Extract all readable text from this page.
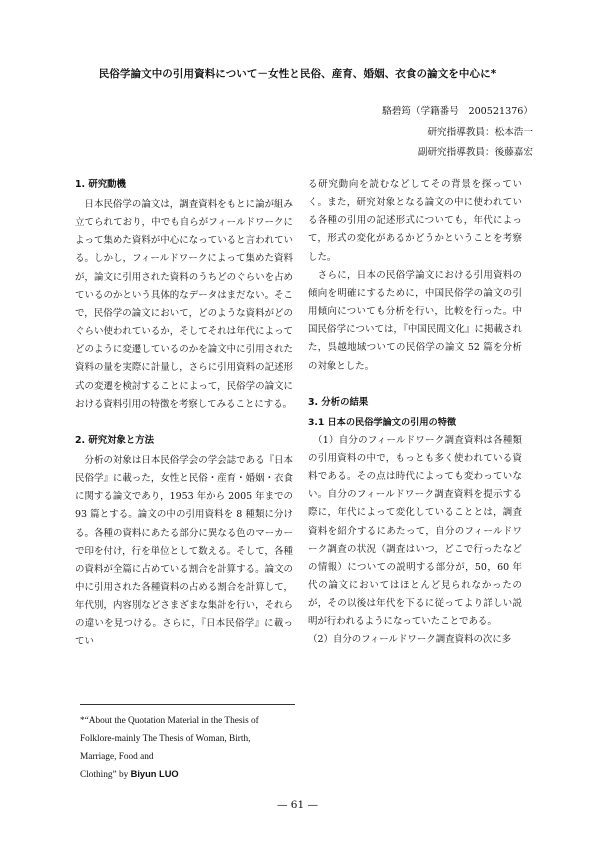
民俗学論文中の引用資料について－女性と民俗、産育、婚姻、衣食の論文を中心に*
駱碧筠（学籍番号　200521376）
研究指導教員：松本浩一
副研究指導教員：後藤嘉宏
1. 研究動機

　日本民俗学の論文は，調査資料をもとに論が組み立てられており，中でも自らがフィールドワークによって集めた資料が中心になっていると言われている。しかし，フィールドワークによって集めた資料が，論文に引用された資料のうちどのぐらいを占めているのかという具体的なデータはまだない。そこで，民俗学の論文において，どのような資料がどのぐらい使われているか，そしてそれは年代によってどのように変遷しているのかを論文中に引用された資料の量を実際に計量し，さらに引用資料の記述形式の変遷を検討することによって，民俗学の論文における資料引用の特徴を考察してみることにする。

2. 研究対象と方法

　分析の対象は日本民俗学会の学会誌である『日本民俗学』に載った，女性と民俗・産育・婚姻・衣食に関する論文であり，1953 年から 2005 年までの 93 篇とする。論文の中の引用資料を 8 種類に分ける。各種の資料にあたる部分に異なる色のマーカーで印を付け，行を単位として数える。そして，各種の資料が全篇に占めている割合を計算する。論文の中に引用された各種資料の占める割合を計算して，年代別，内容別などさまざまな集計を行い，それらの違いを見つける。さらに，『日本民俗学』に載ってい

る研究動向を読むなどしてその背景を探っていく。また，研究対象となる論文の中に使われている各種の引用の記述形式についても，年代によって，形式の変化があるかどうかということを考察した。

　さらに，日本の民俗学論文における引用資料の傾向を明確にするために，中国民俗学の論文の引用傾向についても分析を行い，比較を行った。中国民俗学については，『中国民間文化』に掲載された，呉越地域ついての民俗学の論文 52 篇を分析の対象とした。

3. 分析の結果
3.1 日本の民俗学論文の引用の特徴

　（1）自分のフィールドワーク調査資料は各種類の引用資料の中で，もっとも多く使われている資料である。その点は時代によっても変わっていない。自分のフィールドワーク調査資料を提示する際に，年代によって変化していることとは，調査資料を紹介するにあたって，自分のフィールドワーク調査の状況（調査はいつ，どこで行ったなどの情報）についての説明する部分が，50，60 年代の論文においてはほとんど見られなかったのが，その以後は年代を下るに従ってより詳しい説明が行われるようになっていたことである。

（2）自分のフィールドワーク調査資料の次に多

*“About the Quotation Material in the Thesis of
Folklore-mainly The Thesis of Woman, Birth,
Marriage, Food and
Clothing” by Biyun LUO
— 61 —
